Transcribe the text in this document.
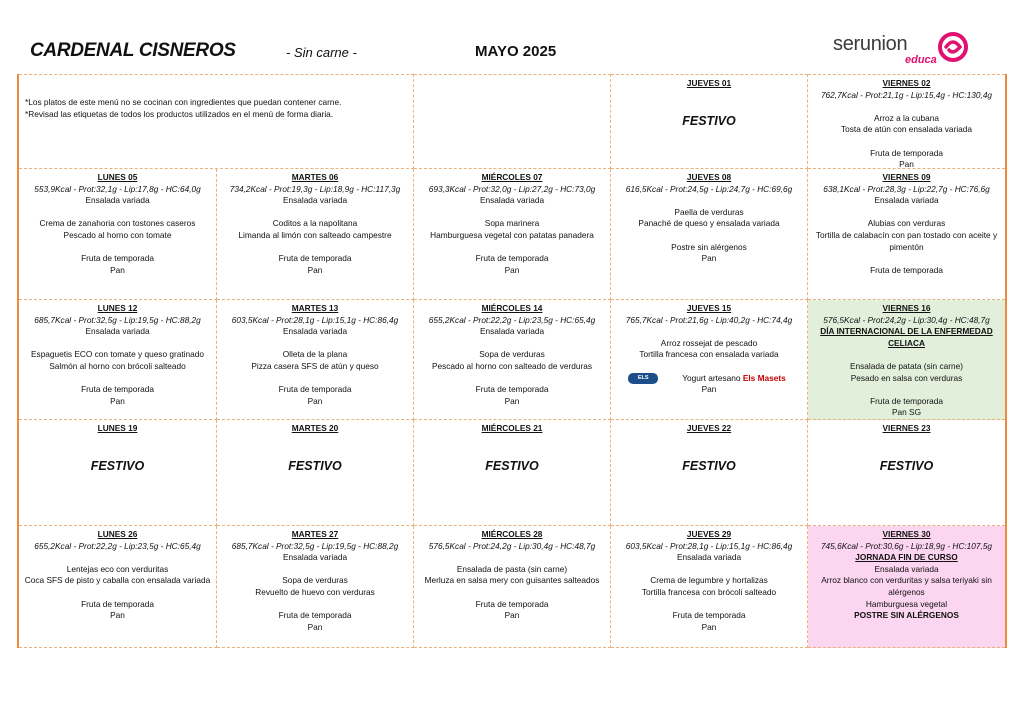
CARDENAL CISNEROS	- Sin carne -	MAYO 2025	serunion
educa
*Los platos de este menú no se cocinan con ingredientes que puedan contener carne.
*Revisad las etiquetas de todos los productos utilizados en el menú de forma diaria.
JUEVES 01
FESTIVO
VIERNES 02
762,7Kcal - Prot:21,1g - Lip:15,4g - HC:130,4g
Arroz a la cubana
Tosta de atún con ensalada variada
Fruta de temporada
Pan
LUNES 05
553,9Kcal - Prot:32,1g - Lip:17,8g - HC:64,0g
Ensalada variada
Crema de zanahoria con tostones caseros
Pescado al horno con tomate
Fruta de temporada
Pan
MARTES 06
734,2Kcal - Prot:19,3g - Lip:18,9g - HC:117,3g
Ensalada variada
Coditos a la napolitana
Limanda al limón con salteado campestre
Fruta de temporada
Pan
MIÉRCOLES 07
693,3Kcal - Prot:32,0g - Lip:27,2g - HC:73,0g
Ensalada variada
Sopa marinera
Hamburguesa vegetal con patatas panadera
Fruta de temporada
Pan
JUEVES 08
616,5Kcal - Prot:24,5g - Lip:24,7g - HC:69,6g
Paella de verduras
Panaché de queso y ensalada variada
Postre sin alérgenos
Pan
VIERNES 09
638,1Kcal - Prot:28,3g - Lip:22,7g - HC:76,6g
Ensalada variada
Alubias con verduras
Tortilla de calabacín con pan tostado con aceite y pimentón
Fruta de temporada
LUNES 12
685,7Kcal - Prot:32,5g - Lip:19,5g - HC:88,2g
Ensalada variada
Espaguetis ECO con tomate y queso gratinado
Salmón al horno con brócoli salteado
Fruta de temporada
Pan
MARTES 13
603,5Kcal - Prot:28,1g - Lip:15,1g - HC:86,4g
Ensalada variada
Olleta de la plana
Pizza casera SFS de atún y queso
Fruta de temporada
Pan
MIÉRCOLES 14
655,2Kcal - Prot:22,2g - Lip:23,5g - HC:65,4g
Ensalada variada
Sopa de verduras
Pescado al horno con salteado de verduras
Fruta de temporada
Pan
JUEVES 15
765,7Kcal - Prot:21,6g - Lip:40,2g - HC:74,4g
Arroz rossejat de pescado
Tortilla francesa con ensalada variada
ELS MASETSYogurt artesano Els Masets
Pan
VIERNES 16
576,5Kcal - Prot:24,2g - Lip:30,4g - HC:48,7g
DÍA INTERNACIONAL DE LA ENFERMEDAD CELIACA
Ensalada de patata (sin carne)
Pesado en salsa con verduras
Fruta de temporada
Pan SG
LUNES 19
FESTIVO
MARTES 20
FESTIVO
MIÉRCOLES 21
FESTIVO
JUEVES 22
FESTIVO
VIERNES 23
FESTIVO
LUNES 26
655,2Kcal - Prot:22,2g - Lip:23,5g - HC:65,4g
Lentejas eco con verduritas
Coca SFS de pisto y caballa con ensalada variada
Fruta de temporada
Pan
MARTES 27
685,7Kcal - Prot:32,5g - Lip:19,5g - HC:88,2g
Ensalada variada
Sopa de verduras
Revuelto de huevo con verduras
Fruta de temporada
Pan
MIÉRCOLES 28
576,5Kcal - Prot:24,2g - Lip:30,4g - HC:48,7g
Ensalada de pasta (sin carne)
Merluza en salsa mery con guisantes salteados
Fruta de temporada
Pan
JUEVES 29
603,5Kcal - Prot:28,1g - Lip:15,1g - HC:86,4g
Ensalada variada
Crema de legumbre y hortalizas
Tortilla francesa con brócoli salteado
Fruta de temporada
Pan
VIERNES 30
745,6Kcal - Prot:30,6g - Lip:18,9g - HC:107,5g
JORNADA FIN DE CURSO
Ensalada variada
Arroz blanco con verduritas y salsa teriyaki sin alérgenos
Hamburguesa vegetal
POSTRE SIN ALÉRGENOS
